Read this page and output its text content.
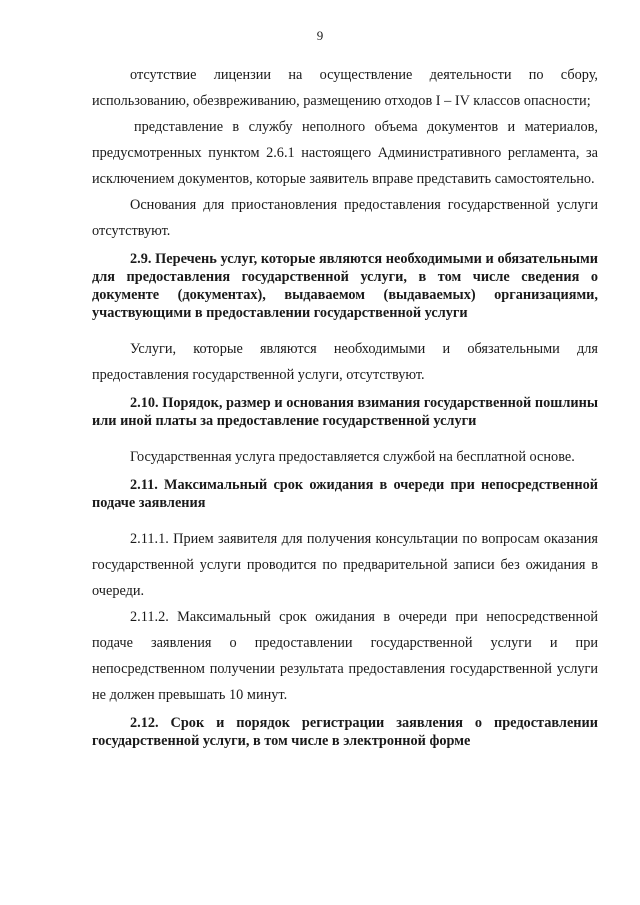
9

отсутствие лицензии на осуществление деятельности по сбору, использованию, обезвреживанию, размещению отходов I – IV классов опасности;

представление в службу неполного объема документов и материалов, предусмотренных пунктом 2.6.1 настоящего Административного регламента, за исключением документов, которые заявитель вправе представить самостоятельно.

Основания для приостановления предоставления государственной услуги отсутствуют.

2.9. Перечень услуг, которые являются необходимыми и обязательными для предоставления государственной услуги, в том числе сведения о документе (документах), выдаваемом (выдаваемых) организациями, участвующими в предоставлении государственной услуги

Услуги, которые являются необходимыми и обязательными для предоставления государственной услуги, отсутствуют.

2.10. Порядок, размер и основания взимания государственной пошлины или иной платы за предоставление государственной услуги

Государственная услуга предоставляется службой на бесплатной основе.

2.11. Максимальный срок ожидания в очереди при непосредственной подаче заявления

2.11.1. Прием заявителя для получения консультации по вопросам оказания государственной услуги проводится по предварительной записи без ожидания в очереди.

2.11.2. Максимальный срок ожидания в очереди при непосредственной подаче заявления о предоставлении государственной услуги и при непосредственном получении результата предоставления государственной услуги не должен превышать 10 минут.

2.12. Срок и порядок регистрации заявления о предоставлении государственной услуги, в том числе в электронной форме
